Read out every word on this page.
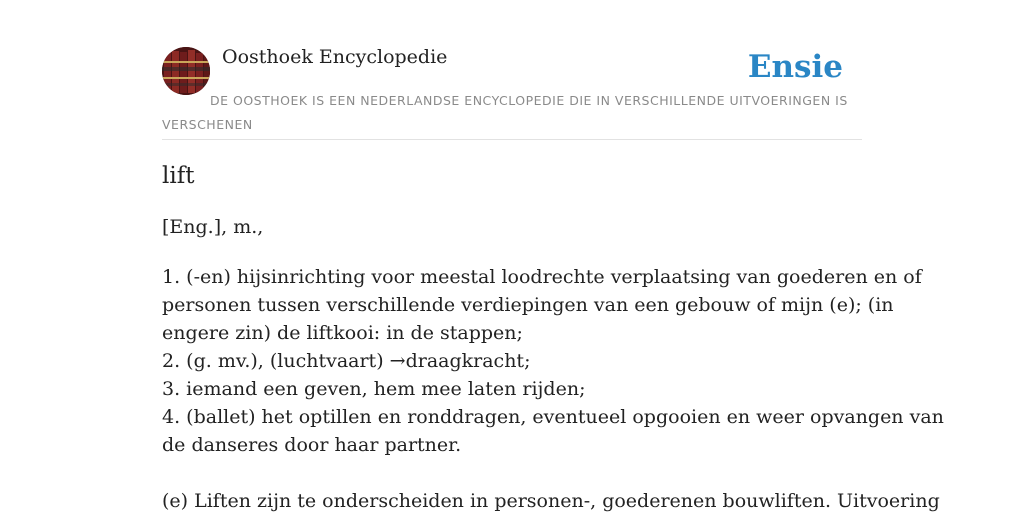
Oosthoek Encyclopedie	Ensie
DE OOSTHOEK IS EEN NEDERLANDSE ENCYCLOPEDIE DIE IN VERSCHILLENDE UITVOERINGEN IS VERSCHENEN
lift
[Eng.], m.,
1. (-en) hijsinrichting voor meestal loodrechte verplaatsing van goederen en of
personen tussen verschillende verdiepingen van een gebouw of mijn (e); (in
engere zin) de liftkooi: in de stappen;
2. (g. mv.), (luchtvaart) →draagkracht;
3. iemand een geven, hem mee laten rijden;
4. (ballet) het optillen en ronddragen, eventueel opgooien en weer opvangen van
de danseres door haar partner.
(e) Liften zijn te onderscheiden in personen-, goederenen bouwliften. Uitvoering
